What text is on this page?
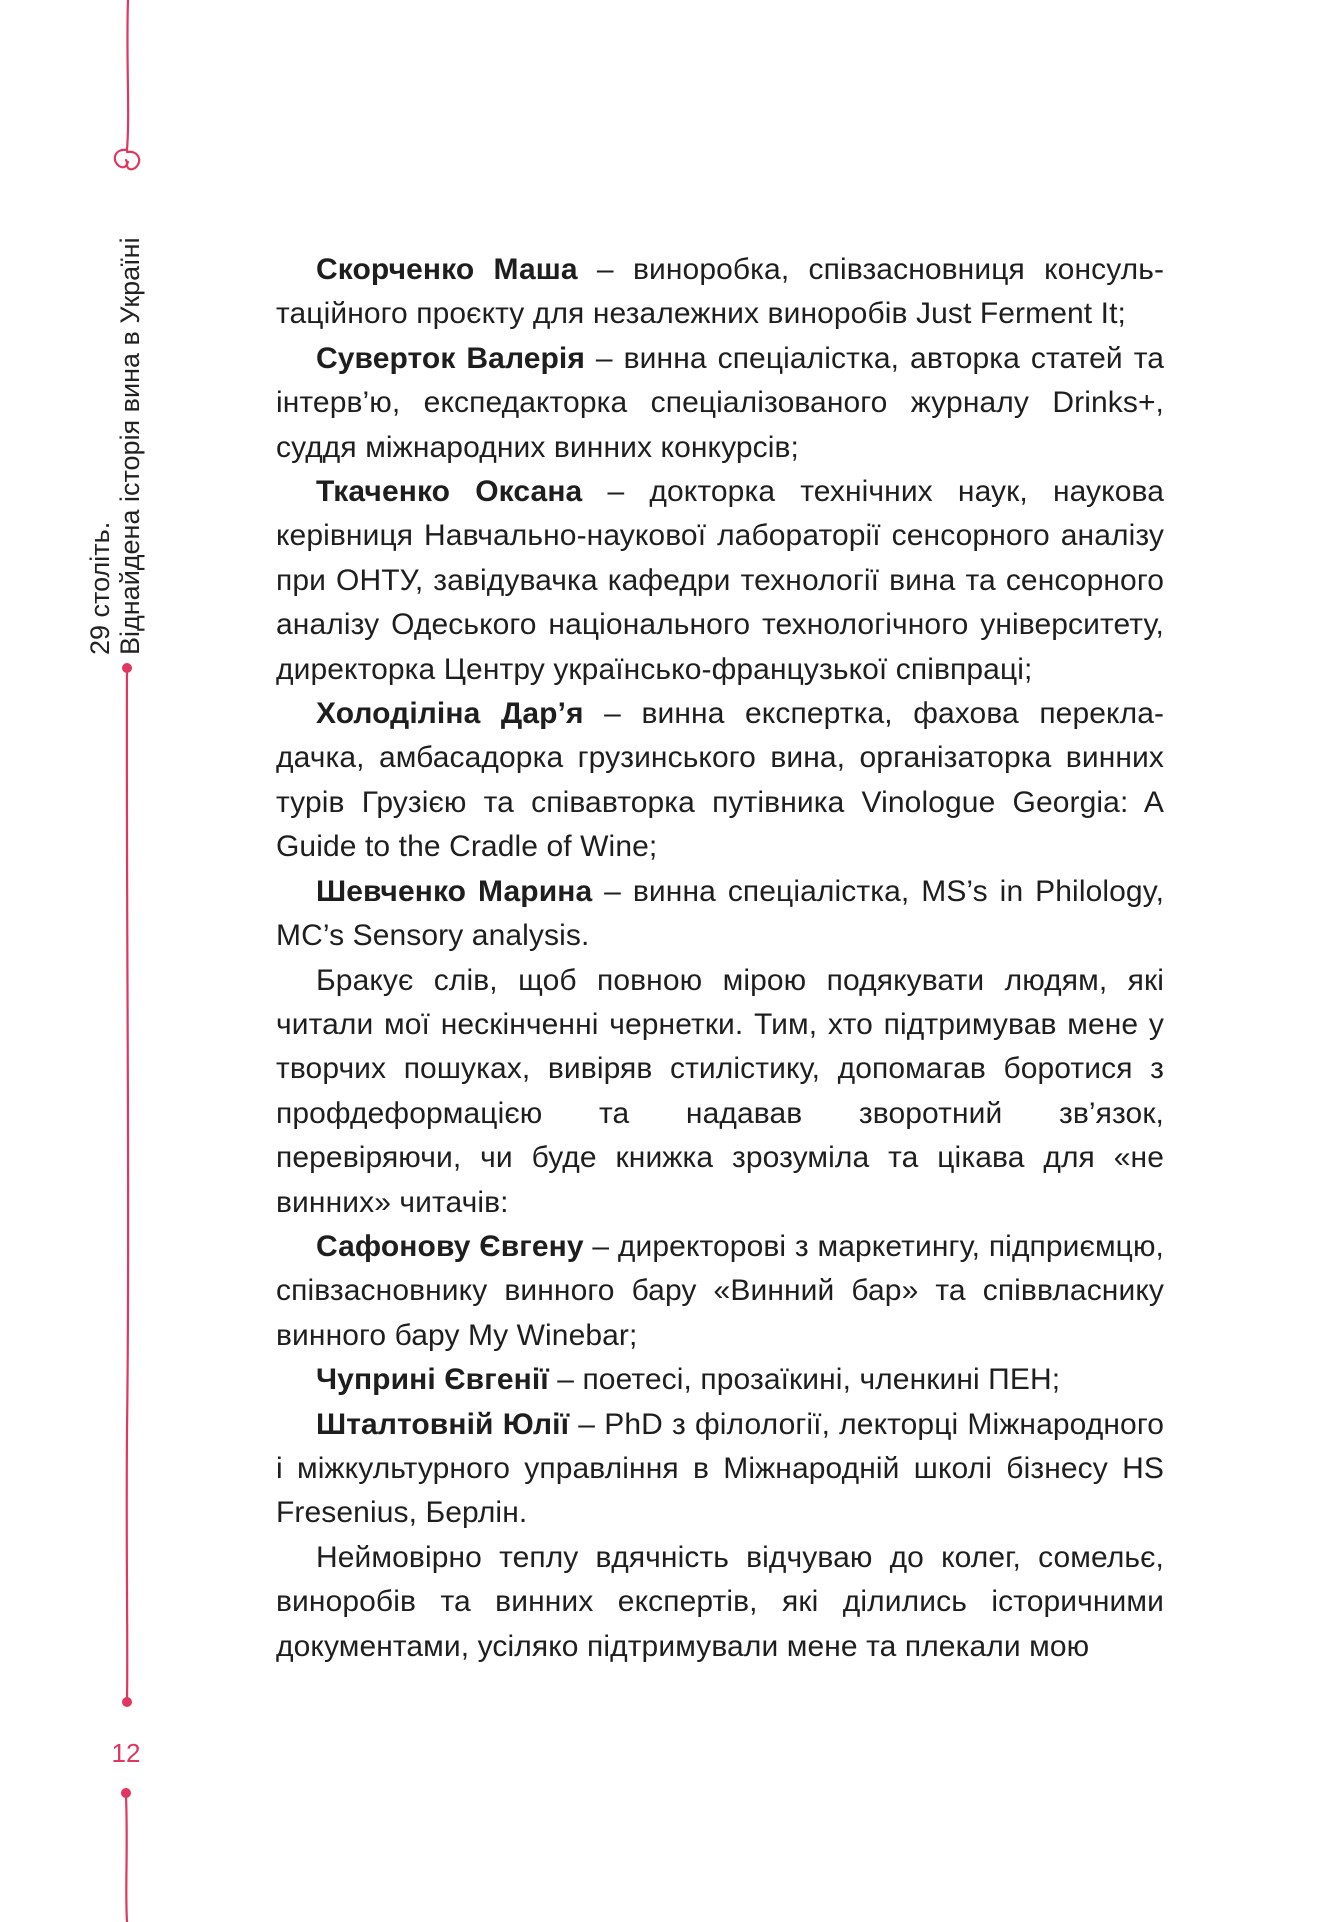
29 століть. Віднайдена історія вина в Україні
12

Скорченко Маша – виноробка, співзасновниця консультаційного проєкту для незалежних виноробів Just Ferment It;

Суверток Валерія – винна спеціалістка, авторка статей та інтерв’ю, експедакторка спеціалізованого журналу Drinks+, суддя міжнародних винних конкурсів;

Ткаченко Оксана – докторка технічних наук, наукова керівниця Навчально-наукової лабораторії сенсорного аналізу при ОНТУ, завідувачка кафедри технології вина та сенсорного аналізу Одеського національного технологічного університету, директорка Центру українсько-французької співпраці;

Холоділіна Дар’я – винна експертка, фахова перекладачка, амбасадорка грузинського вина, організаторка винних турів Грузією та співавторка путівника Vinologue Georgia: A Guide to the Cradle of Wine;

Шевченко Марина – винна спеціалістка, MS’s in Philology, MC’s Sensory analysis.

Бракує слів, щоб повною мірою подякувати людям, які читали мої нескінченні чернетки. Тим, хто підтримував мене у творчих пошуках, вивіряв стилістику, допомагав боротися з профдеформацією та надавав зворотний зв’язок, перевіряючи, чи буде книжка зрозуміла та цікава для «не винних» читачів:

Сафонову Євгену – директорові з маркетингу, підприємцю, співзасновнику винного бару «Винний бар» та співвласнику винного бару My Winebar;

Чуприні Євгенії – поетесі, прозаїкині, членкині ПЕН;

Шталтовній Юлії – PhD з філології, лекторці Міжнародного і міжкультурного управління в Міжнародній школі бізнесу HS Fresenius, Берлін.

Неймовірно теплу вдячність відчуваю до колег, сомельє, виноробів та винних експертів, які ділились історичними документами, усіляко підтримували мене та плекали мою
